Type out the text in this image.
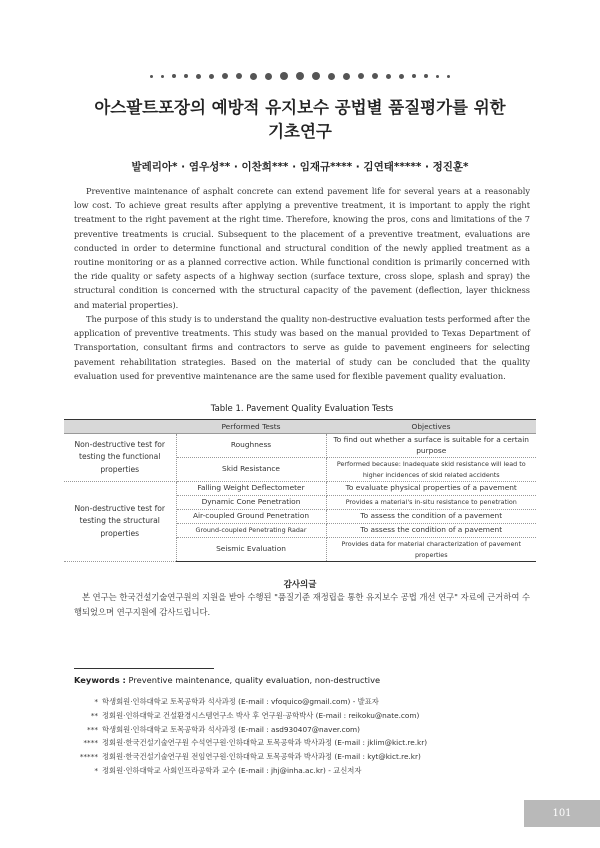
아스팔트포장의 예방적 유지보수 공법별 품질평가를 위한
기초연구
발레리아* · 염우성** · 이찬희*** · 임재규**** · 김연태***** · 정진훈*

Preventive maintenance of asphalt concrete can extend pavement life for several years at a reasonably low cost. To achieve great results after applying a preventive treatment, it is important to apply the right treatment to the right pavement at the right time. Therefore, knowing the pros, cons and limitations of the 7 preventive treatments is crucial. Subsequent to the placement of a preventive treatment, evaluations are conducted in order to determine functional and structural condition of the newly applied treatment as a routine monitoring or as a planned corrective action. While functional condition is primarily concerned with the ride quality or safety aspects of a highway section (surface texture, cross slope, splash and spray) the structural condition is concerned with the structural capacity of the pavement (deflection, layer thickness and material properties).

The purpose of this study is to understand the quality non-destructive evaluation tests performed after the application of preventive treatments. This study was based on the manual provided to Texas Department of Transportation, consultant firms and contractors to serve as guide to pavement engineers for selecting pavement rehabilitation strategies. Based on the material of study can be concluded that the quality evaluation used for preventive maintenance are the same used for flexible pavement quality evaluation.

Table 1. Pavement Quality Evaluation Tests
	Performed Tests	Objectives
Non-destructive test for testing the functional properties	Roughness	To find out whether a surface is suitable for a certain purpose
	Skid Resistance	Performed because: Inadequate skid resistance will lead to higher incidences of skid related accidents
Non-destructive test for testing the structural properties	Falling Weight Deflectometer	To evaluate physical properties of a pavement
	Dynamic Cone Penetration	Provides a material's in-situ resistance to penetration
	Air-coupled Ground Penetration	To assess the condition of a pavement
	Ground-coupled Penetrating Radar	To assess the condition of a pavement
	Seismic Evaluation	Provides data for material characterization of pavement properties
감사의글

본 연구는 한국건설기술연구원의 지원을 받아 수행된 "품질기준 재정립을 통한 유지보수 공법 개선 연구" 자료에 근거하여 수행되었으며 연구지원에 감사드립니다.

Keywords : Preventive maintenance, quality evaluation, non-destructive
* 학생회원·인하대학교 토목공학과 석사과정 (E-mail : vfoquico@gmail.com) - 발표자
** 정회원·인하대학교 건설환경시스템연구소 박사 후 연구원·공학박사 (E-mail : reikoku@nate.com)
*** 학생회원·인하대학교 토목공학과 석사과정 (E-mail : asd930407@naver.com)
**** 정회원·한국건설기술연구원 수석연구원·인하대학교 토목공학과 박사과정 (E-mail : jklim@kict.re.kr)
***** 정회원·한국건설기술연구원 전임연구원·인하대학교 토목공학과 박사과정 (E-mail : kyt@kict.re.kr)
* 정회원·인하대학교 사회인프라공학과 교수 (E-mail : jhj@inha.ac.kr) - 교신저자
101
